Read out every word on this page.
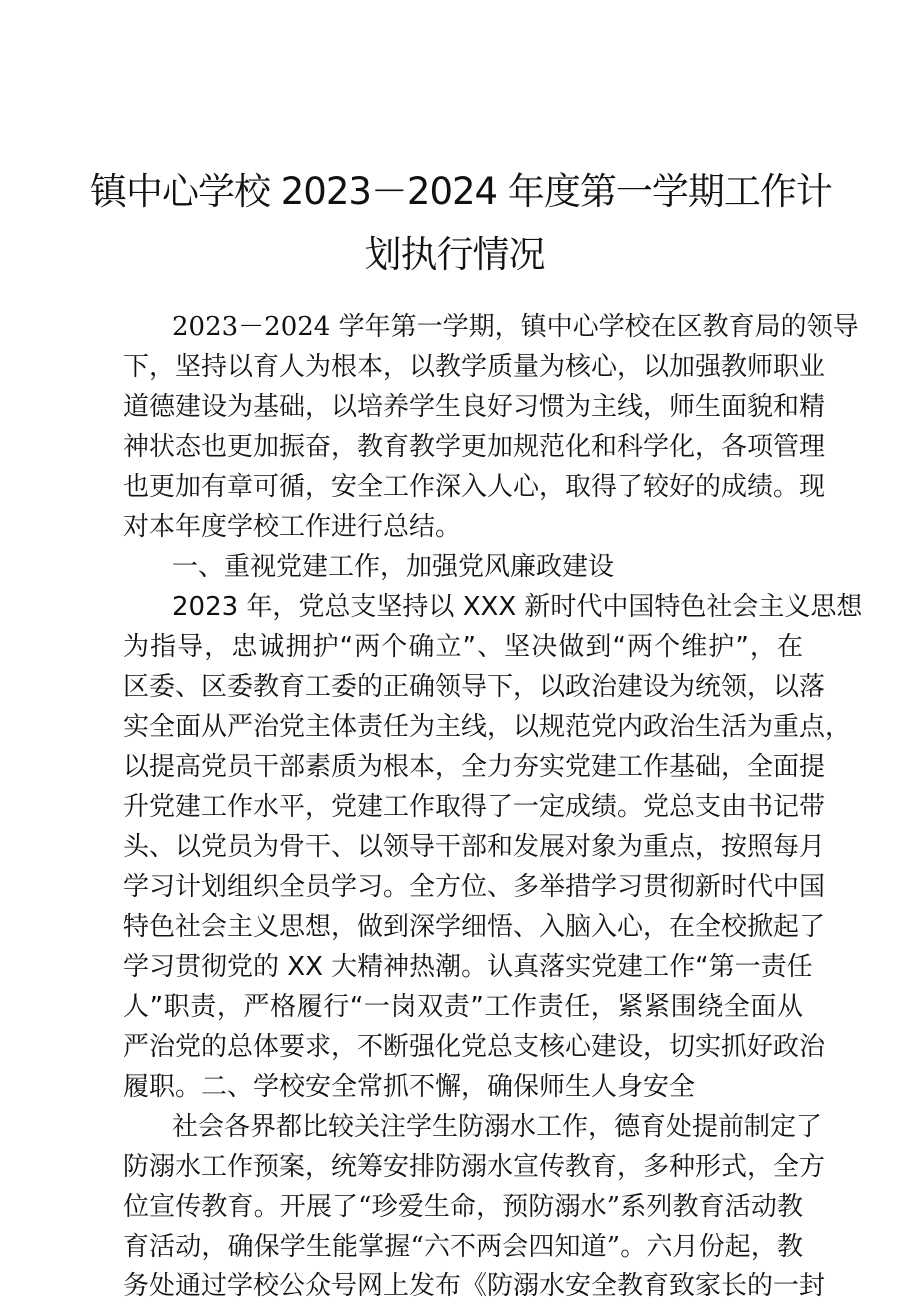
镇中心学校 2023－2024 年度第一学期工作计
划执行情况
2023－2024 学年第一学期，镇中心学校在区教育局的领导
下，坚持以育人为根本，以教学质量为核心，以加强教师职业
道德建设为基础，以培养学生良好习惯为主线，师生面貌和精
神状态也更加振奋，教育教学更加规范化和科学化，各项管理
也更加有章可循，安全工作深入人心，取得了较好的成绩。现
对本年度学校工作进行总结。
一、重视党建工作，加强党风廉政建设
2023 年，党总支坚持以 XXX 新时代中国特色社会主义思想
为指导，忠诚拥护“两个确立”、坚决做到“两个维护”，在
区委、区委教育工委的正确领导下，以政治建设为统领，以落
实全面从严治党主体责任为主线，以规范党内政治生活为重点，
以提高党员干部素质为根本，全力夯实党建工作基础，全面提
升党建工作水平，党建工作取得了一定成绩。党总支由书记带
头、以党员为骨干、以领导干部和发展对象为重点，按照每月
学习计划组织全员学习。全方位、多举措学习贯彻新时代中国
特色社会主义思想，做到深学细悟、入脑入心，在全校掀起了
学习贯彻党的 XX 大精神热潮。认真落实党建工作“第一责任
人”职责，严格履行“一岗双责”工作责任，紧紧围绕全面从
严治党的总体要求，不断强化党总支核心建设，切实抓好政治
履职。二、学校安全常抓不懈，确保师生人身安全
社会各界都比较关注学生防溺水工作，德育处提前制定了
防溺水工作预案，统筹安排防溺水宣传教育，多种形式，全方
位宣传教育。开展了“珍爱生命，预防溺水”系列教育活动教
育活动，确保学生能掌握“六不两会四知道”。六月份起，教
务处通过学校公众号网上发布《防溺水安全教育致家长的一封
